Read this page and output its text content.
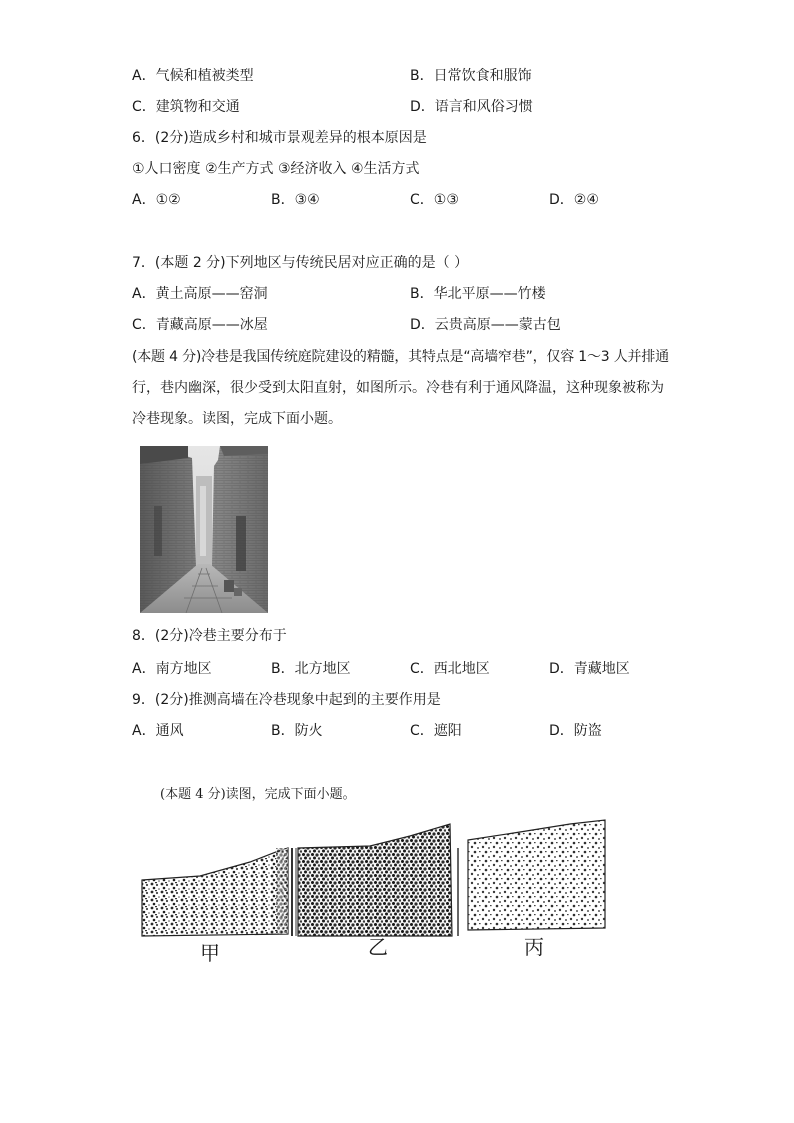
A．气候和植被类型	B．日常饮食和服饰
C．建筑物和交通	D．语言和风俗习惯
6．(2分)造成乡村和城市景观差异的根本原因是
①人口密度 ②生产方式 ③经济收入 ④生活方式
A．①②	B．③④	C．①③	D．②④
7．(本题 2 分)下列地区与传统民居对应正确的是（ ）
A．黄土高原——窑洞	B．华北平原——竹楼
C．青藏高原——冰屋	D．云贵高原——蒙古包
(本题 4 分)冷巷是我国传统庭院建设的精髓，其特点是“高墙窄巷”，仅容 1～3 人并排通
行，巷内幽深，很少受到太阳直射，如图所示。冷巷有利于通风降温，这种现象被称为
冷巷现象。读图，完成下面小题。
8．(2分)冷巷主要分布于
A．南方地区	B．北方地区	C．西北地区	D．青藏地区
9．(2分)推测高墙在冷巷现象中起到的主要作用是
A．通风	B．防火	C．遮阳	D．防盗
(本题 4 分)读图，完成下面小题。
甲	乙	丙
